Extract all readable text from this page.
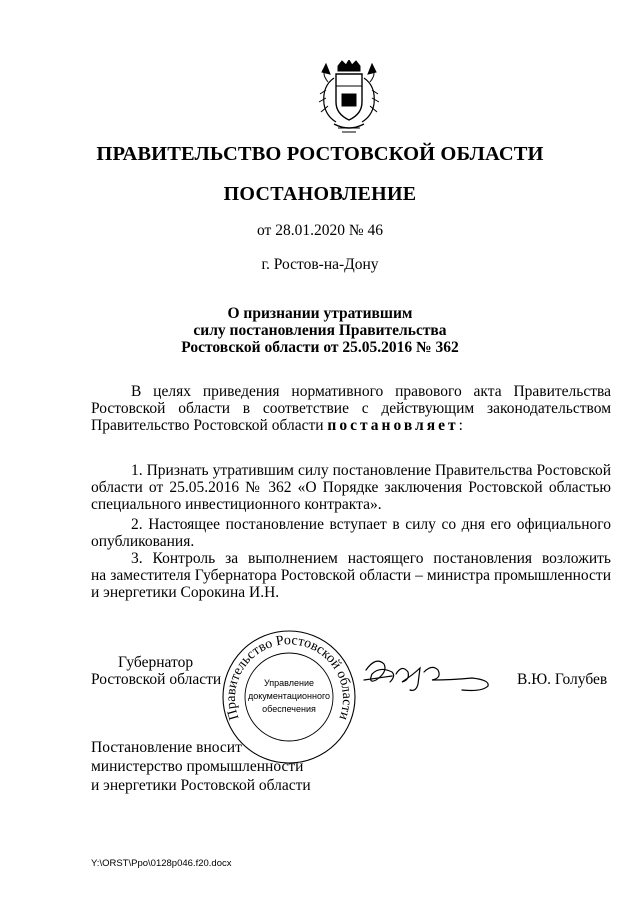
ПРАВИТЕЛЬСТВО РОСТОВСКОЙ ОБЛАСТИ
ПОСТАНОВЛЕНИЕ
от 28.01.2020 № 46
г. Ростов-на-Дону
О признании утратившим
силу постановления Правительства
Ростовской области от 25.05.2016 № 362
В целях приведения нормативного правового акта Правительства
Ростовской области в соответствие с действующим законодательством
Правительство Ростовской области постановляет:
1. Признать утратившим силу постановление Правительства Ростовской
области от 25.05.2016 № 362 «О Порядке заключения Ростовской областью
специального инвестиционного контракта».
2. Настоящее постановление вступает в силу со дня его официального
опубликования.
3. Контроль за выполнением настоящего постановления возложить
на заместителя Губернатора Ростовской области – министра промышленности
и энергетики Сорокина И.Н.
Губернатор
Ростовской области
Правительство Ростовской области
Управление
документационного
обеспечения
В.Ю. Голубев
Постановление вносит
министерство промышленности
и энергетики Ростовской области
Y:\ORST\Ppo\0128p046.f20.docx
